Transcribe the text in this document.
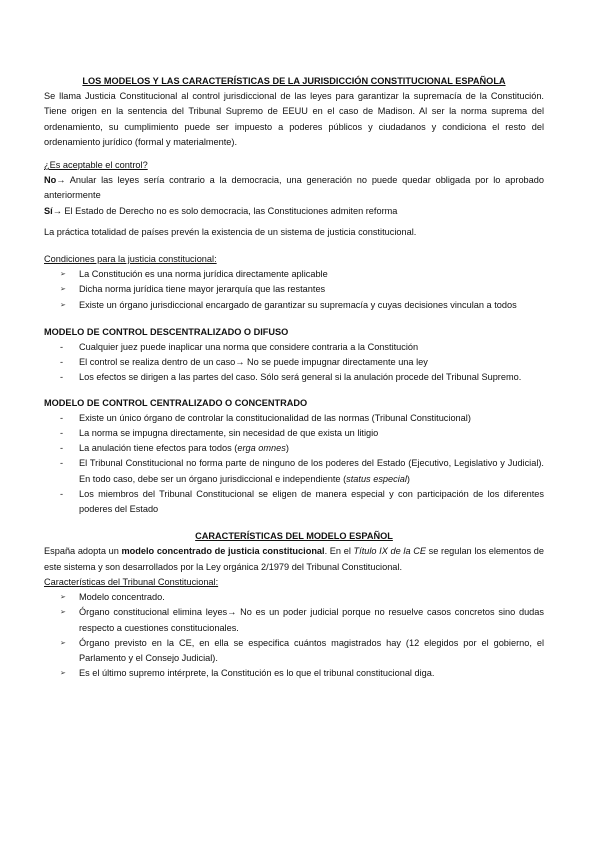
LOS MODELOS Y LAS CARACTERÍSTICAS DE LA JURISDICCIÓN CONSTITUCIONAL ESPAÑOLA

Se llama Justicia Constitucional al control jurisdiccional de las leyes para garantizar la supremacía de la Constitución. Tiene origen en la sentencia del Tribunal Supremo de EEUU en el caso de Madison. Al ser la norma suprema del ordenamiento, su cumplimiento puede ser impuesto a poderes públicos y ciudadanos y condiciona el resto del ordenamiento jurídico (formal y materialmente).

¿Es aceptable el control?

No→ Anular las leyes sería contrario a la democracia, una generación no puede quedar obligada por lo aprobado anteriormente

Sí→ El Estado de Derecho no es solo democracia, las Constituciones admiten reforma

La práctica totalidad de países prevén la existencia de un sistema de justicia constitucional.

Condiciones para la justicia constitucional:

➢ La Constitución es una norma jurídica directamente aplicable
➢ Dicha norma jurídica tiene mayor jerarquía que las restantes
➢ Existe un órgano jurisdiccional encargado de garantizar su supremacía y cuyas decisiones vinculan a todos

MODELO DE CONTROL DESCENTRALIZADO O DIFUSO

- Cualquier juez puede inaplicar una norma que considere contraria a la Constitución
- El control se realiza dentro de un caso→ No se puede impugnar directamente una ley
- Los efectos se dirigen a las partes del caso. Sólo será general si la anulación procede del Tribunal Supremo.

MODELO DE CONTROL CENTRALIZADO O CONCENTRADO

- Existe un único órgano de controlar la constitucionalidad de las normas (Tribunal Constitucional)
- La norma se impugna directamente, sin necesidad de que exista un litigio
- La anulación tiene efectos para todos (erga omnes)
- El Tribunal Constitucional no forma parte de ninguno de los poderes del Estado (Ejecutivo, Legislativo y Judicial). En todo caso, debe ser un órgano jurisdiccional e independiente (status especial)
- Los miembros del Tribunal Constitucional se eligen de manera especial y con participación de los diferentes poderes del Estado

CARACTERÍSTICAS DEL MODELO ESPAÑOL

España adopta un modelo concentrado de justicia constitucional. En el Título IX de la CE se regulan los elementos de este sistema y son desarrollados por la Ley orgánica 2/1979 del Tribunal Constitucional.

Características del Tribunal Constitucional:

➢ Modelo concentrado.
➢ Órgano constitucional elimina leyes→ No es un poder judicial porque no resuelve casos concretos sino dudas respecto a cuestiones constitucionales.
➢ Órgano previsto en la CE, en ella se especifica cuántos magistrados hay (12 elegidos por el gobierno, el Parlamento y el Consejo Judicial).
➢ Es el último supremo intérprete, la Constitución es lo que el tribunal constitucional diga.
